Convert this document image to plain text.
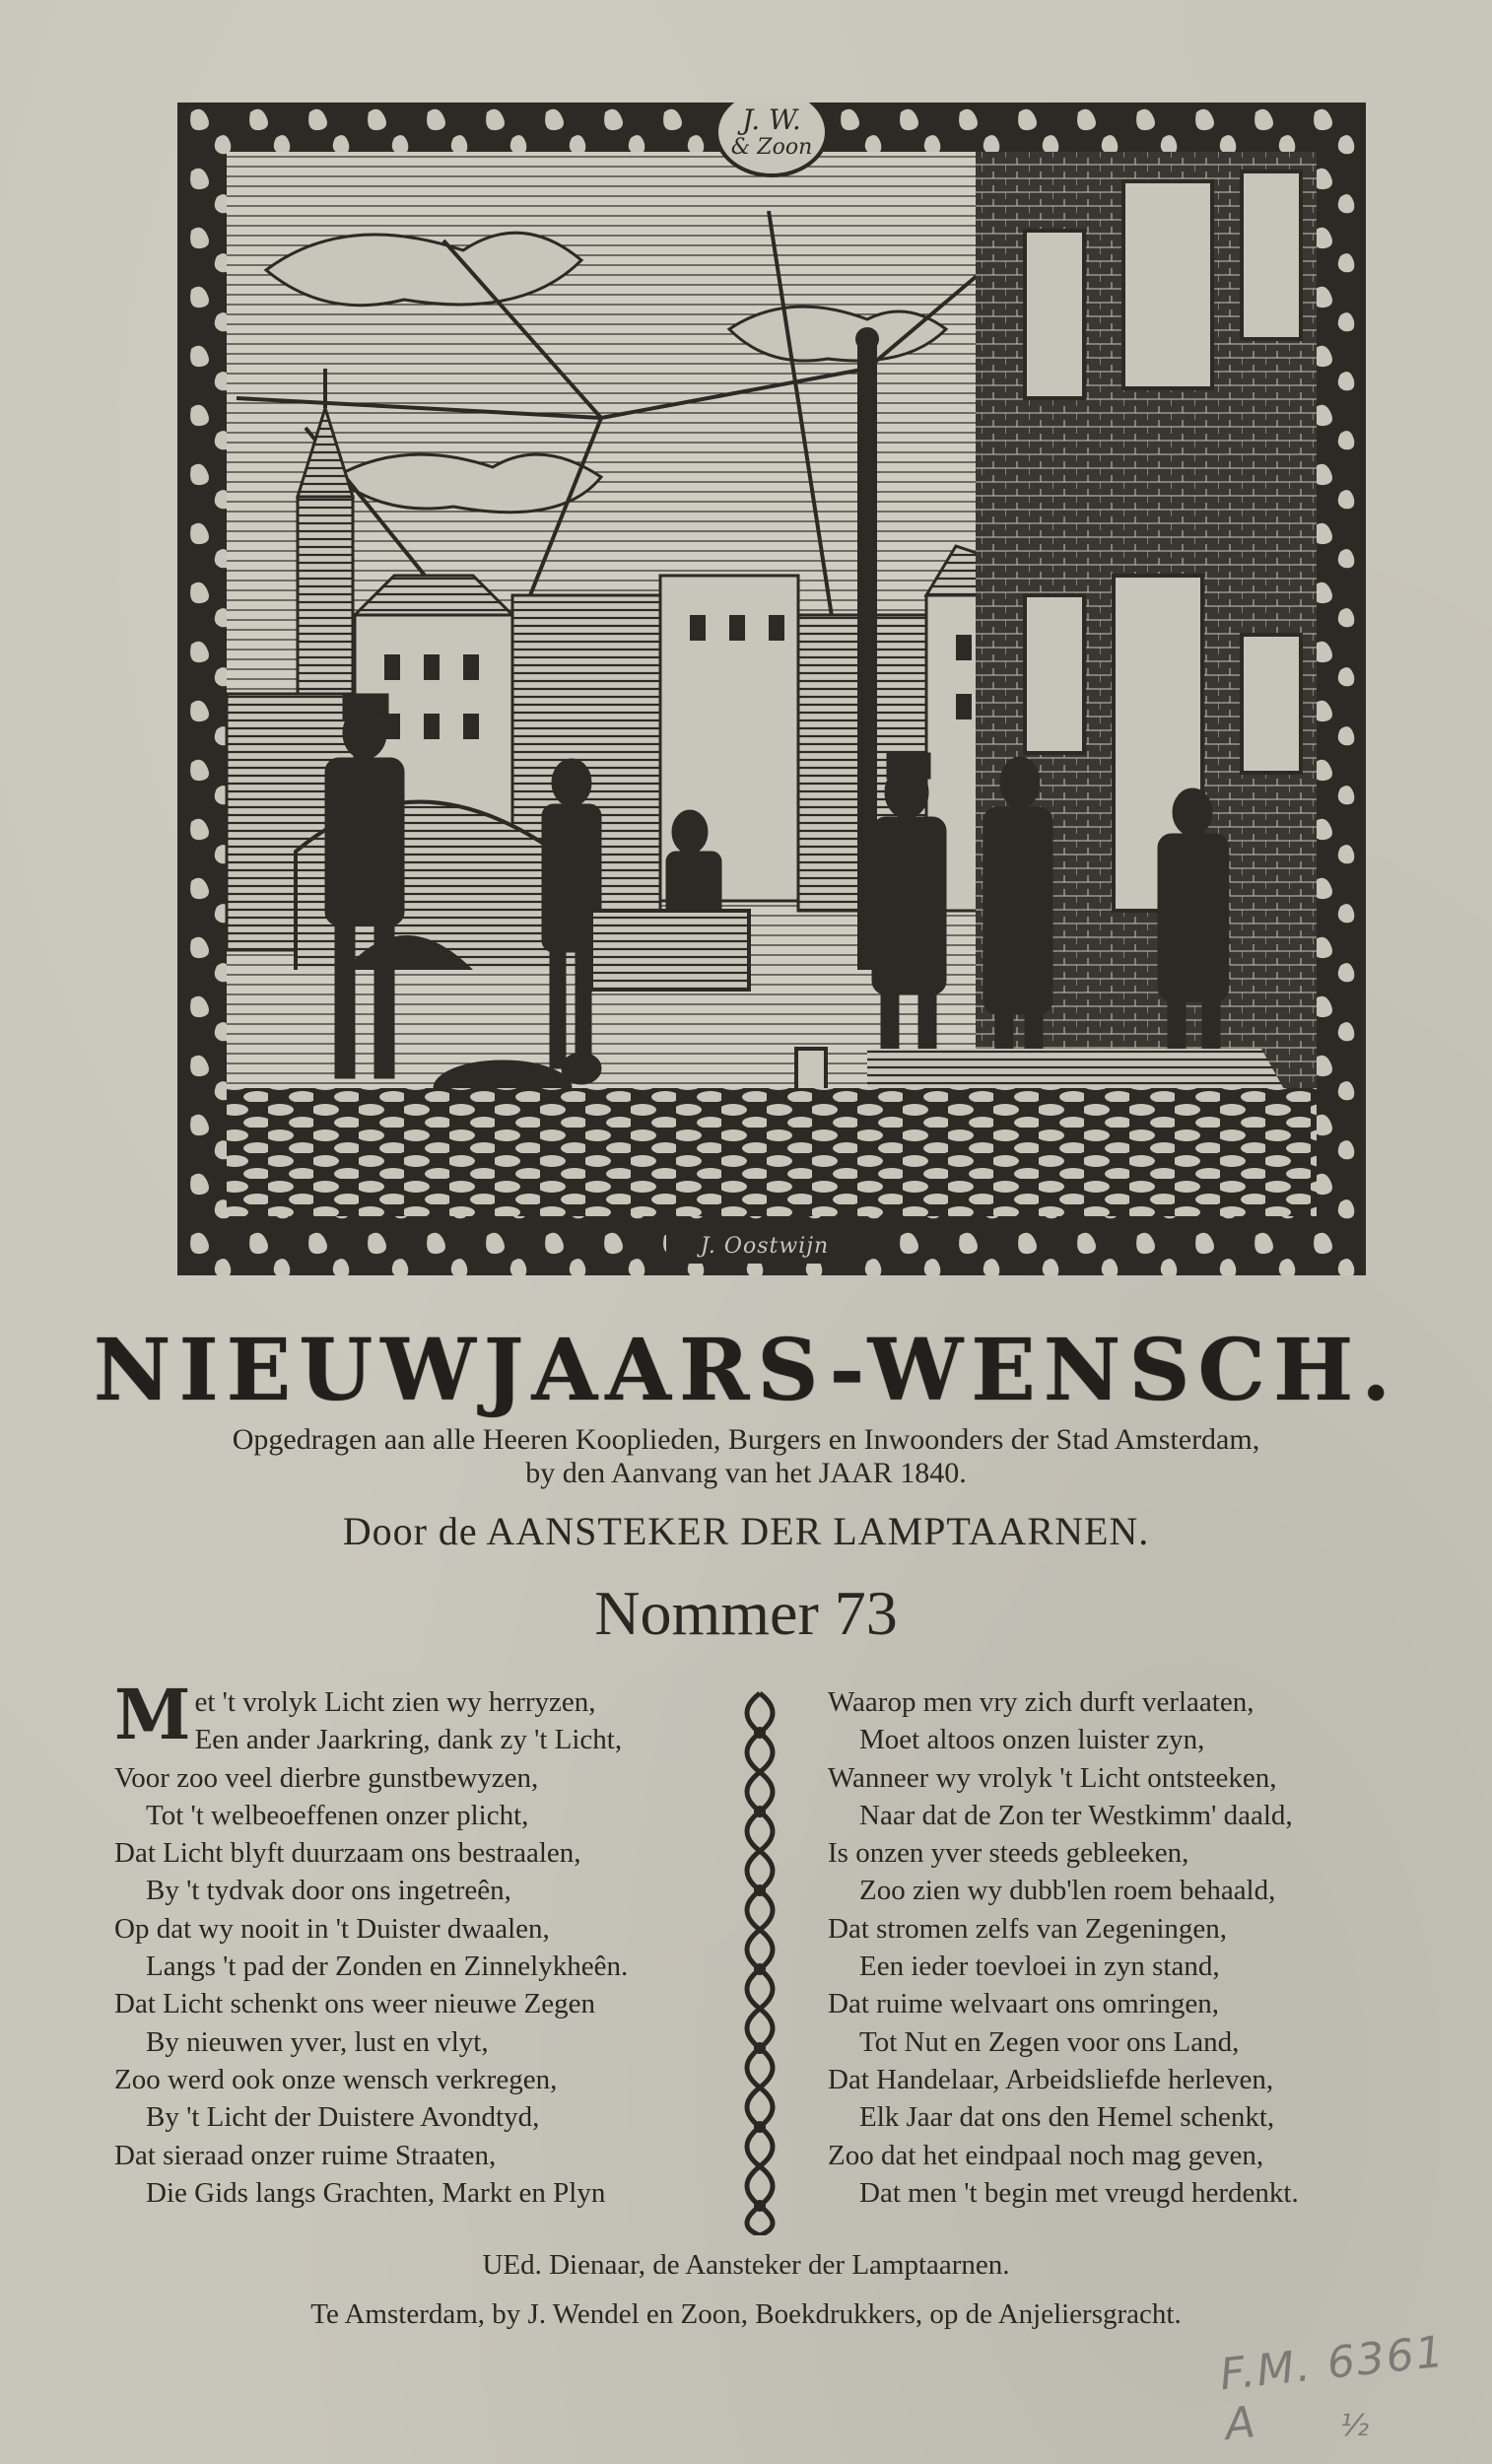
J. W.
& Zoon
J. Oostwijn
NIEUWJAARS-WENSCH.
Opgedragen aan alle Heeren Kooplieden, Burgers en Inwoonders der Stad Amsterdam,
by den Aanvang van het JAAR 1840.
Door de AANSTEKER DER LAMPTAARNEN.
Nommer 73
M et 't vrolyk Licht zien wy herryzen,
Een ander Jaarkring, dank zy 't Licht,
Voor zoo veel dierbre gunstbewyzen,
Tot 't welbeoeffenen onzer plicht,
Dat Licht blyft duurzaam ons bestraalen,
By 't tydvak door ons ingetreên,
Op dat wy nooit in 't Duister dwaalen,
Langs 't pad der Zonden en Zinnelykheên.
Dat Licht schenkt ons weer nieuwe Zegen
By nieuwen yver, lust en vlyt,
Zoo werd ook onze wensch verkregen,
By 't Licht der Duistere Avondtyd,
Dat sieraad onzer ruime Straaten,
Die Gids langs Grachten, Markt en Plyn
Waarop men vry zich durft verlaaten,
Moet altoos onzen luister zyn,
Wanneer wy vrolyk 't Licht ontsteeken,
Naar dat de Zon ter Westkimm' daald,
Is onzen yver steeds gebleeken,
Zoo zien wy dubb'len roem behaald,
Dat stromen zelfs van Zegeningen,
Een ieder toevloei in zyn stand,
Dat ruime welvaart ons omringen,
Tot Nut en Zegen voor ons Land,
Dat Handelaar, Arbeidsliefde herleven,
Elk Jaar dat ons den Hemel schenkt,
Zoo dat het eindpaal noch mag geven,
Dat men 't begin met vreugd herdenkt.
UEd. Dienaar, de Aansteker der Lamptaarnen.
Te Amsterdam, by J. Wendel en Zoon, Boekdrukkers, op de Anjeliersgracht.
F.M. 6361 A	½
